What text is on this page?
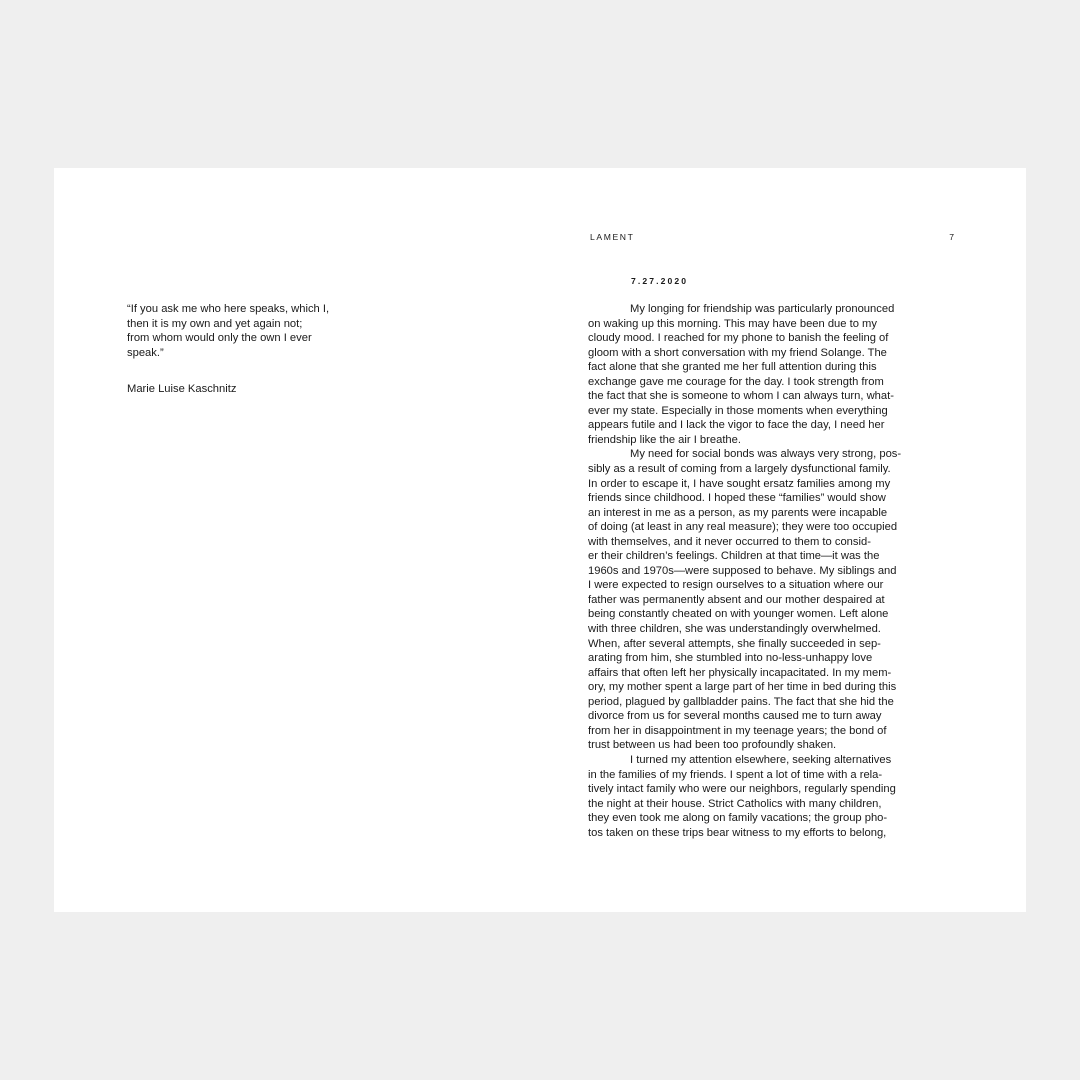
“If you ask me who here speaks, which I,
then it is my own and yet again not;
from whom would only the own I ever
speak.”
Marie Luise Kaschnitz
LAMENT	7
7.27.2020
My longing for friendship was particularly pronounced
on waking up this morning. This may have been due to my
cloudy mood. I reached for my phone to banish the feeling of
gloom with a short conversation with my friend Solange. The
fact alone that she granted me her full attention during this
exchange gave me courage for the day. I took strength from
the fact that she is someone to whom I can always turn, what-
ever my state. Especially in those moments when everything
appears futile and I lack the vigor to face the day, I need her
friendship like the air I breathe.
My need for social bonds was always very strong, pos-
sibly as a result of coming from a largely dysfunctional family.
In order to escape it, I have sought ersatz families among my
friends since childhood. I hoped these “families” would show
an interest in me as a person, as my parents were incapable
of doing (at least in any real measure); they were too occupied
with themselves, and it never occurred to them to consid-
er their children’s feelings. Children at that time—it was the
1960s and 1970s—were supposed to behave. My siblings and
I were expected to resign ourselves to a situation where our
father was permanently absent and our mother despaired at
being constantly cheated on with younger women. Left alone
with three children, she was understandingly overwhelmed.
When, after several attempts, she finally succeeded in sep-
arating from him, she stumbled into no-less-unhappy love
affairs that often left her physically incapacitated. In my mem-
ory, my mother spent a large part of her time in bed during this
period, plagued by gallbladder pains. The fact that she hid the
divorce from us for several months caused me to turn away
from her in disappointment in my teenage years; the bond of
trust between us had been too profoundly shaken.
I turned my attention elsewhere, seeking alternatives
in the families of my friends. I spent a lot of time with a rela-
tively intact family who were our neighbors, regularly spending
the night at their house. Strict Catholics with many children,
they even took me along on family vacations; the group pho-
tos taken on these trips bear witness to my efforts to belong,
